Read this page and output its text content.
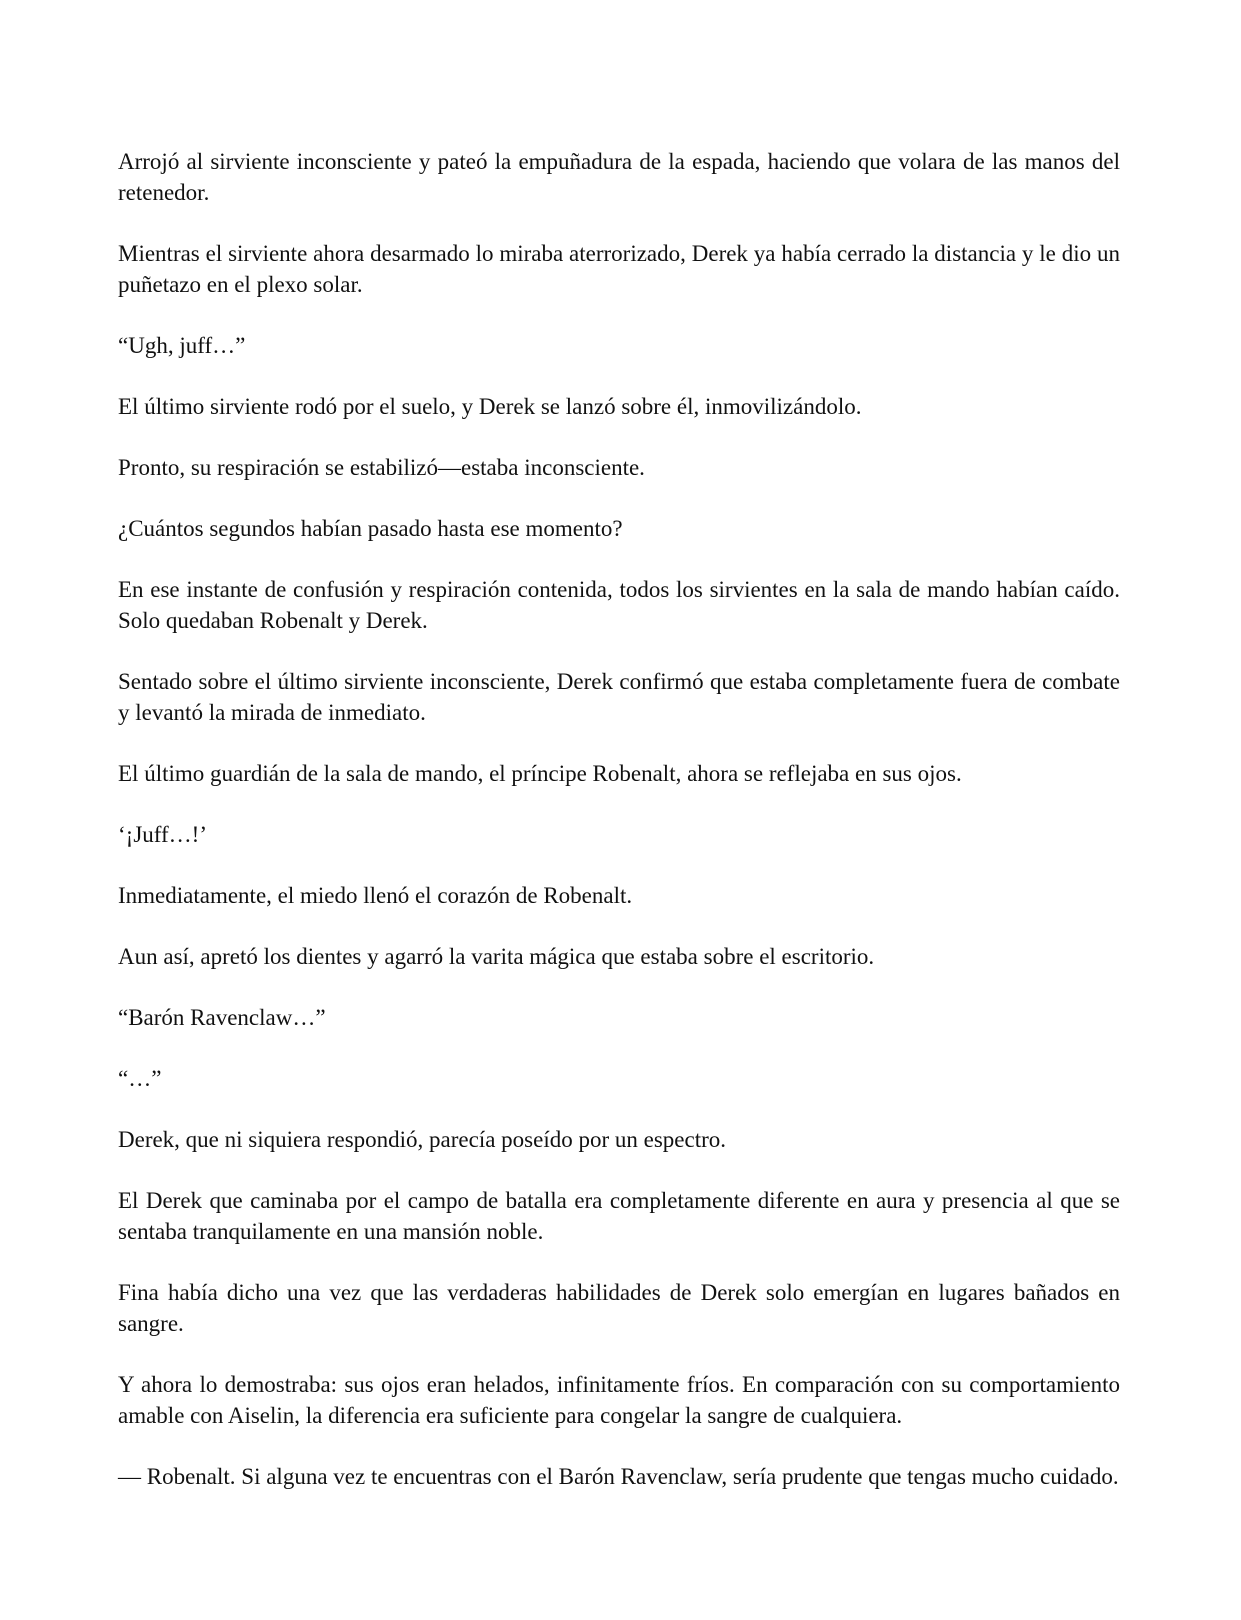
Arrojó al sirviente inconsciente y pateó la empuñadura de la espada, haciendo que volara de las manos del retenedor.

Mientras el sirviente ahora desarmado lo miraba aterrorizado, Derek ya había cerrado la distancia y le dio un puñetazo en el plexo solar.

“Ugh, juff…”

El último sirviente rodó por el suelo, y Derek se lanzó sobre él, inmovilizándolo.

Pronto, su respiración se estabilizó—estaba inconsciente.

¿Cuántos segundos habían pasado hasta ese momento?

En ese instante de confusión y respiración contenida, todos los sirvientes en la sala de mando habían caído. Solo quedaban Robenalt y Derek.

Sentado sobre el último sirviente inconsciente, Derek confirmó que estaba completamente fuera de combate y levantó la mirada de inmediato.

El último guardián de la sala de mando, el príncipe Robenalt, ahora se reflejaba en sus ojos.

‘¡Juff…!’

Inmediatamente, el miedo llenó el corazón de Robenalt.

Aun así, apretó los dientes y agarró la varita mágica que estaba sobre el escritorio.

“Barón Ravenclaw…”

“…”

Derek, que ni siquiera respondió, parecía poseído por un espectro.

El Derek que caminaba por el campo de batalla era completamente diferente en aura y presencia al que se sentaba tranquilamente en una mansión noble.

Fina había dicho una vez que las verdaderas habilidades de Derek solo emergían en lugares bañados en sangre.

Y ahora lo demostraba: sus ojos eran helados, infinitamente fríos. En comparación con su comportamiento amable con Aiselin, la diferencia era suficiente para congelar la sangre de cualquiera.

— Robenalt. Si alguna vez te encuentras con el Barón Ravenclaw, sería prudente que tengas mucho cuidado.
